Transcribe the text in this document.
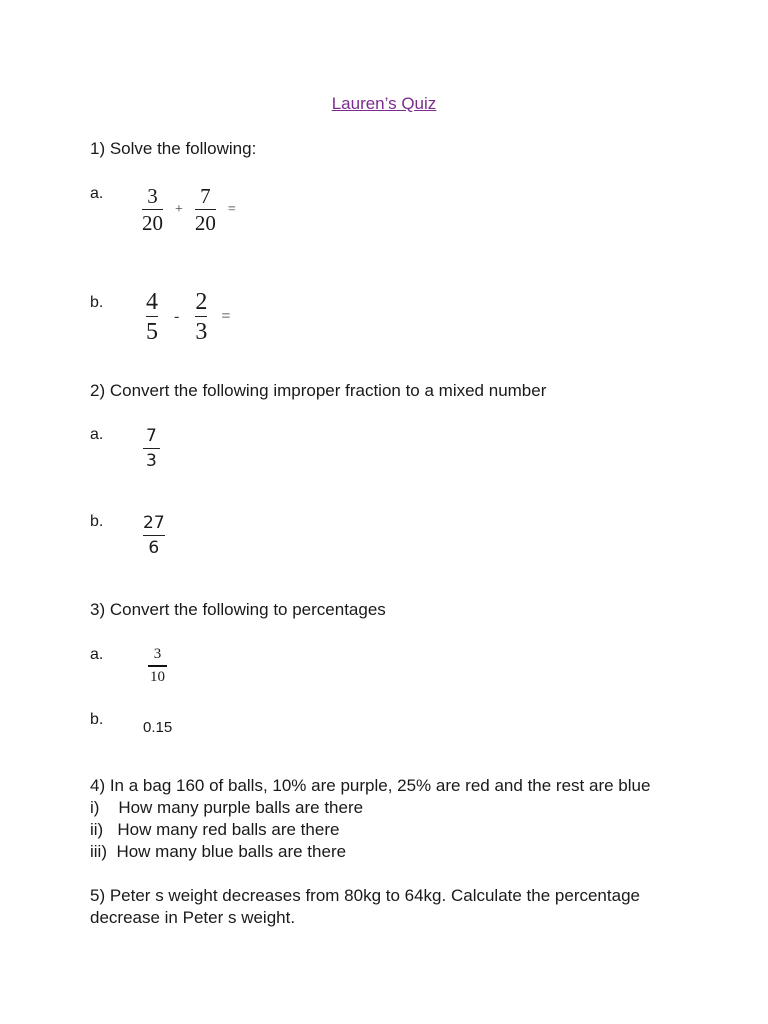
Lauren’s Quiz
1) Solve the following:
a. $\frac{3}{20} + \frac{7}{20}$ =
b. $\frac{4}{5} - \frac{2}{3}$ =
2) Convert the following improper fraction to a mixed number
a.	$\frac{7}{3}$
b. $\frac{27}{6}$
3) Convert the following to percentages
a.	$\frac{3}{10}$
b.	0.15
4) In a bag 160 of balls, 10% are purple, 25% are red and the rest are blue
i)    How many purple balls are there
ii)   How many red balls are there
iii)  How many blue balls are there
5) Peter s weight decreases from 80kg to 64kg. Calculate the percentage
decrease in Peter s weight.
